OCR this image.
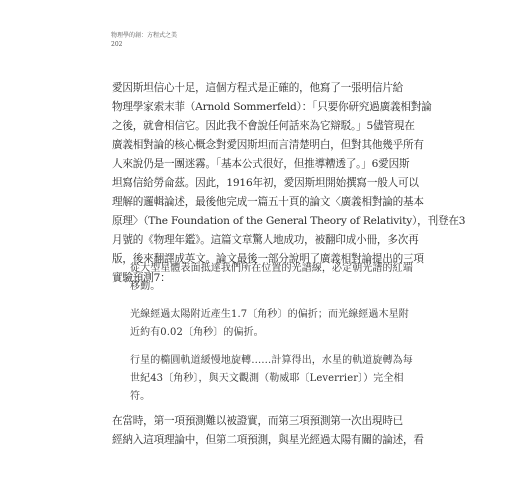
物理學的創：方程式之美
202
愛因斯坦信心十足，這個方程式是正確的，他寫了一張明信片給
物理學家索末菲（Arnold Sommerfeld）：「只要你研究過廣義相對論
之後，就會相信它。因此我不會說任何話來為它辯駁。」5儘管現在
廣義相對論的核心概念對愛因斯坦而言清楚明白，但對其他幾乎所有
人來說仍是一團迷霧。「基本公式很好，但推導糟透了。」6愛因斯
坦寫信給勞侖茲。因此，1916年初，愛因斯坦開始撰寫一般人可以
理解的邏輯論述，最後他完成一篇五十頁的論文〈廣義相對論的基本
原理〉（The Foundation of the General Theory of Relativity），刊登在3
月號的《物理年鑑》。這篇文章驚人地成功，被翻印成小冊，多次再
版，後來翻譯成英文。論文最後一部分說明了廣義相對論提出的三項
實驗預測7：
從大型星體表面抵達我們所在位置的光譜線，必定朝光譜的紅端
移動。
光線經過太陽附近產生1.7〔角秒〕的偏折；而光線經過木星附
近約有0.02〔角秒〕的偏折。
行星的橢圓軌道緩慢地旋轉……計算得出，水星的軌道旋轉為每
世紀43〔角秒〕，與天文觀測（勒威耶〔Leverrier〕）完全相
符。
在當時，第一項預測難以被證實，而第三項預測第一次出現時已
經納入這項理論中，但第二項預測，與星光經過太陽有關的論述，看
